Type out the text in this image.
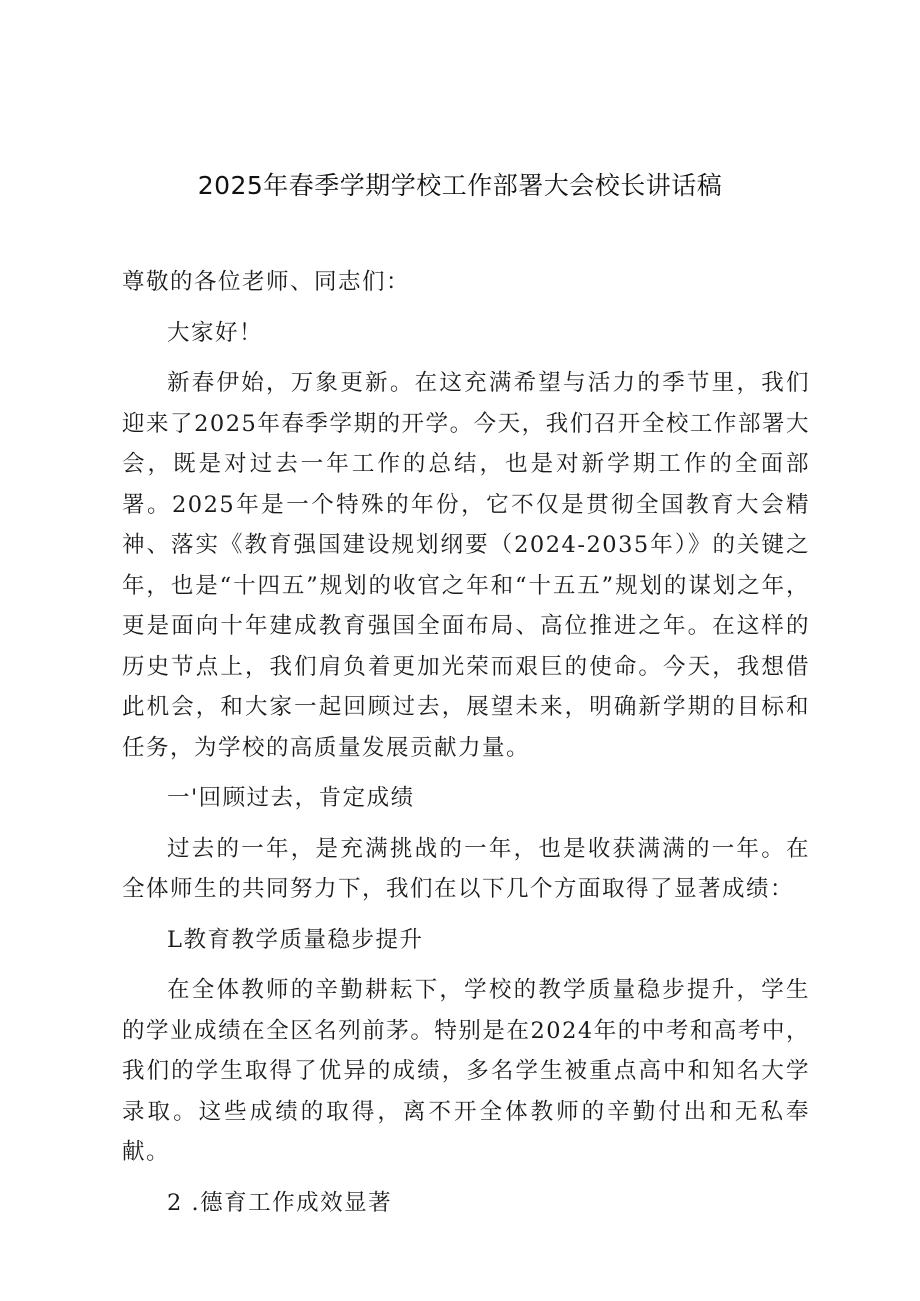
2025年春季学期学校工作部署大会校长讲话稿

尊敬的各位老师、同志们：

大家好！

新春伊始，万象更新。在这充满希望与活力的季节里，我们迎来了2025年春季学期的开学。今天，我们召开全校工作部署大会，既是对过去一年工作的总结，也是对新学期工作的全面部署。2025年是一个特殊的年份，它不仅是贯彻全国教育大会精神、落实《教育强国建设规划纲要（2024-2035年）》的关键之年，也是“十四五”规划的收官之年和“十五五”规划的谋划之年，更是面向十年建成教育强国全面布局、高位推进之年。在这样的历史节点上，我们肩负着更加光荣而艰巨的使命。今天，我想借此机会，和大家一起回顾过去，展望未来，明确新学期的目标和任务，为学校的高质量发展贡献力量。

一'回顾过去，肯定成绩

过去的一年，是充满挑战的一年，也是收获满满的一年。在全体师生的共同努力下，我们在以下几个方面取得了显著成绩：

L教育教学质量稳步提升

在全体教师的辛勤耕耘下，学校的教学质量稳步提升，学生的学业成绩在全区名列前茅。特别是在2024年的中考和高考中，我们的学生取得了优异的成绩，多名学生被重点高中和知名大学录取。这些成绩的取得，离不开全体教师的辛勤付出和无私奉献。

2 .德育工作成效显著
